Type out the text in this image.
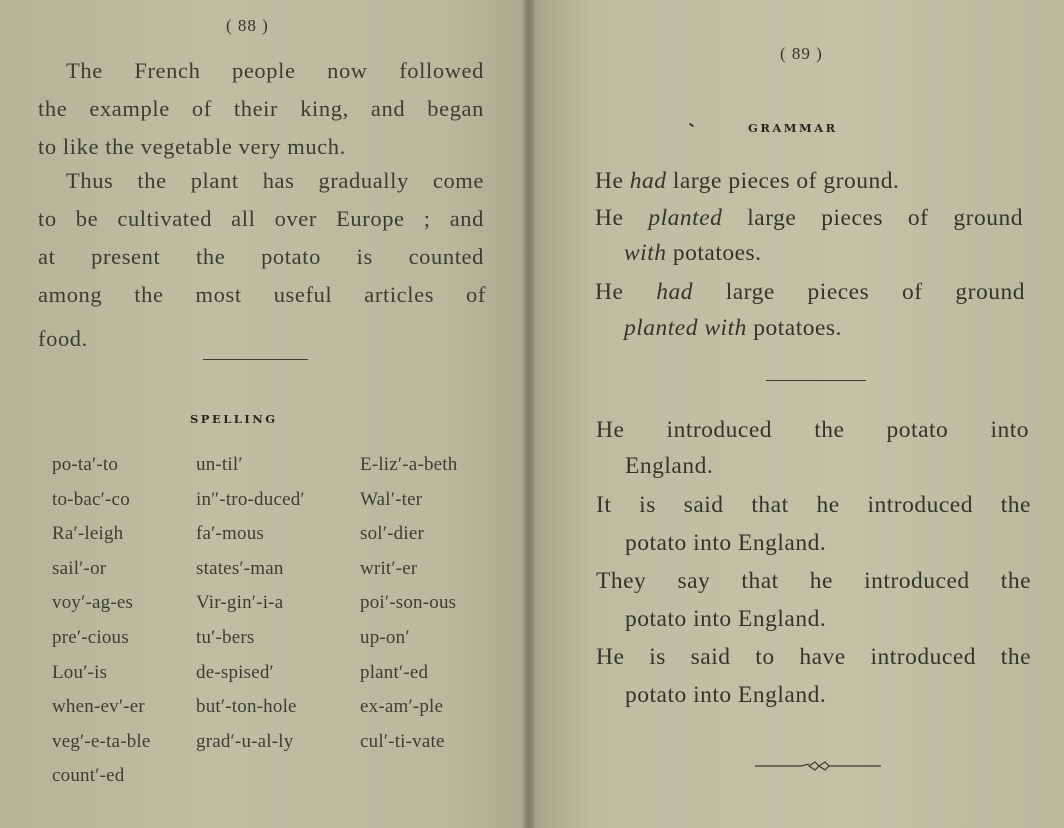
( 88 )
The French people now followed
the example of their king, and began
to like the vegetable very much.
Thus the plant has gradually come
to be cultivated all over Europe ; and
at present the potato is counted
among the most useful articles of
food.
SPELLING
po-ta′-to
to-bac′-co
Ra′-leigh
sail′-or
voy′-ag-es
pre′-cious
Lou′-is
when-ev′-er
veg′-e-ta-ble
count′-ed
un-til′
in″-tro-duced′
fa′-mous
states′-man
Vir-gin′-i-a
tu′-bers
de-spised′
but′-ton-hole
grad′-u-al-ly
E-liz′-a-beth
Wal′-ter
sol′-dier
writ′-er
poi′-son-ous
up-on′
plant′-ed
ex-am′-ple
cul′-ti-vate
( 89 )
GRAMMAR
He had large pieces of ground.
He planted large pieces of ground
with potatoes.
He had large pieces of ground
planted with potatoes.
He introduced the potato into
England.
It is said that he introduced the
potato into England.
They say that he introduced the
potato into England.
He is said to have introduced the
potato into England.
